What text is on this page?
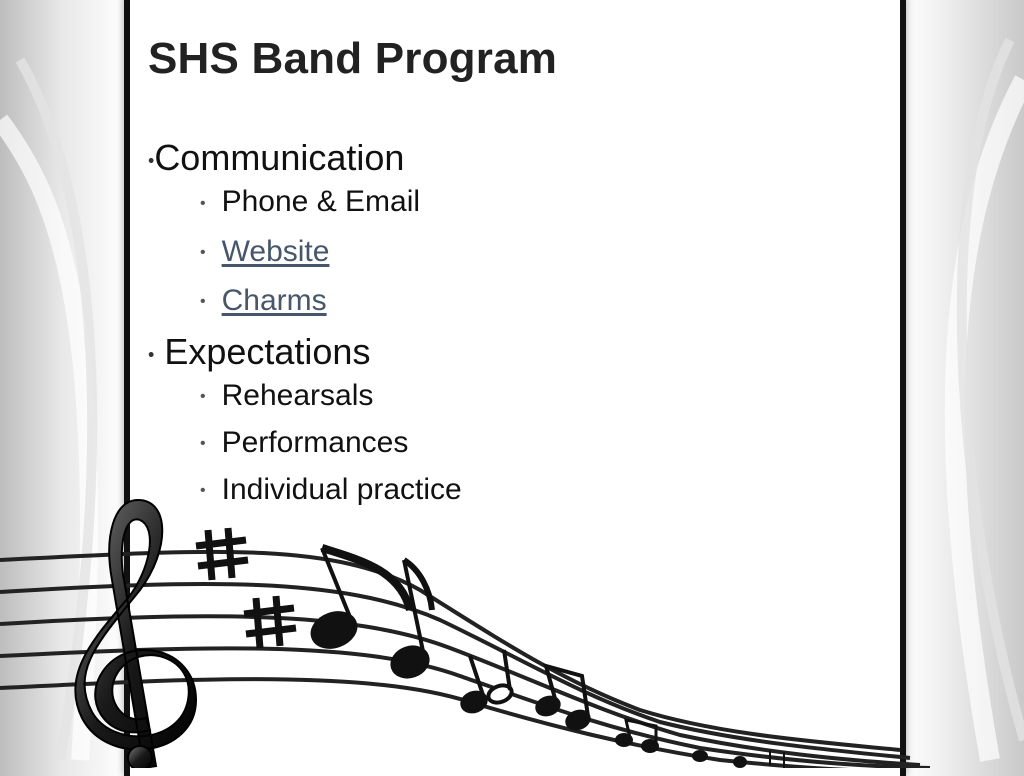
SHS Band Program
•Communication
• Phone & Email
• Website
• Charms
• Expectations
• Rehearsals
• Performances
• Individual practice
